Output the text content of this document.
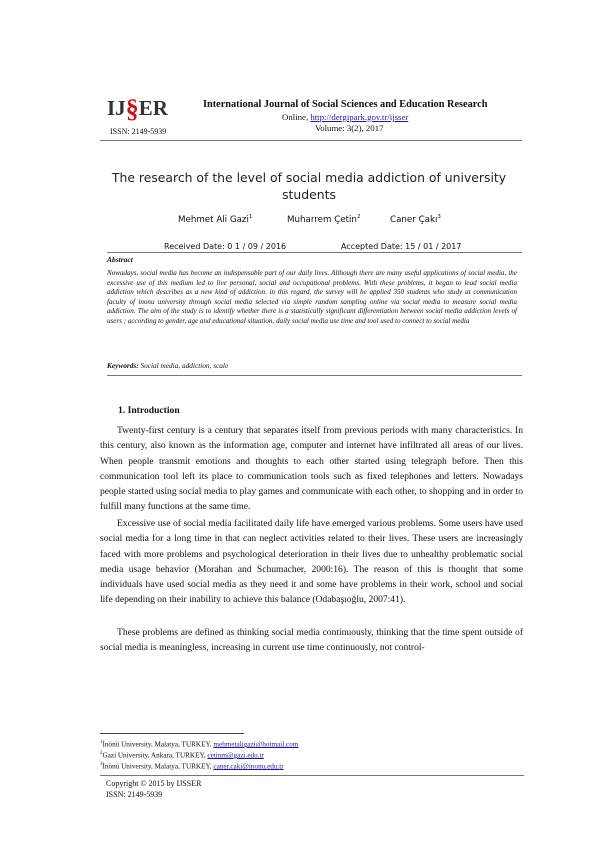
IJ§ER
ISSN: 2149-5939
International Journal of Social Sciences and Education Research
Online, http://dergipark.gov.tr/ijsser
Volume: 3(2), 2017
The research of the level of social media addiction of university
students
Mehmet Ali Gazi$^1$	Muharrem Çetin$^2$	Caner Çakı$^3$
Received Date: 0 1 / 09 / 2016	Accepted Date: 15 / 01 / 2017
Abstract

Nowadays, social media has become an indispensable part of our daily lives. Although there are many useful applications of social media, the excessive use of this medium led to live personal, social and occupational problems. With these problems, it began to lead social media addiction which describes as a new kind of addiction. in this regard, the survey will be applied 350 students who study at communication faculty of inonu university through social media selected via simple random sampling online via social media to measure social media addiction. The aim of the study is to identify whether there is a statistically significant differentiation between social media addiction levels of users ; according to gender, age and educational situation, daily social media use time and tool used to connect to social media

Keywords: Social media, addiction, scale
1. Introduction

Twenty-first century is a century that separates itself from previous periods with many characteristics. In this century, also known as the information age, computer and internet have infiltrated all areas of our lives. When people transmit emotions and thoughts to each other started using telegraph before. Then this communication tool left its place to communication tools such as fixed telephones and letters. Nowadays people started using social media to play games and communicate with each other, to shopping and in order to fulfill many functions at the same time.

Excessive use of social media facilitated daily life have emerged various problems. Some users have used social media for a long time in that can neglect activities related to their lives. These users are increasingly faced with more problems and psychological deterioration in their lives due to unhealthy problematic social media usage behavior (Morahan and Schumacher, 2000:16). The reason of this is thought that some individuals have used social media as they need it and some have problems in their work, school and social life depending on their inability to achieve this balance (Odabaşıoğlu, 2007:41).

These problems are defined as thinking social media continuously, thinking that the time spent outside of social media is meaningless, increasing in current use time continuously, not control-

$^1$İnönü University, Malatya, TURKEY, mehmetaligazi@hotmail.com
$^2$Gazi University, Ankara, TURKEY, cetinm@gazi.edu.tr
$^3$İnönü University, Malatya, TURKEY, caner.caki@inonu.edu.tr
Copyright © 2015 by IJSSER
ISSN: 2149-5939
